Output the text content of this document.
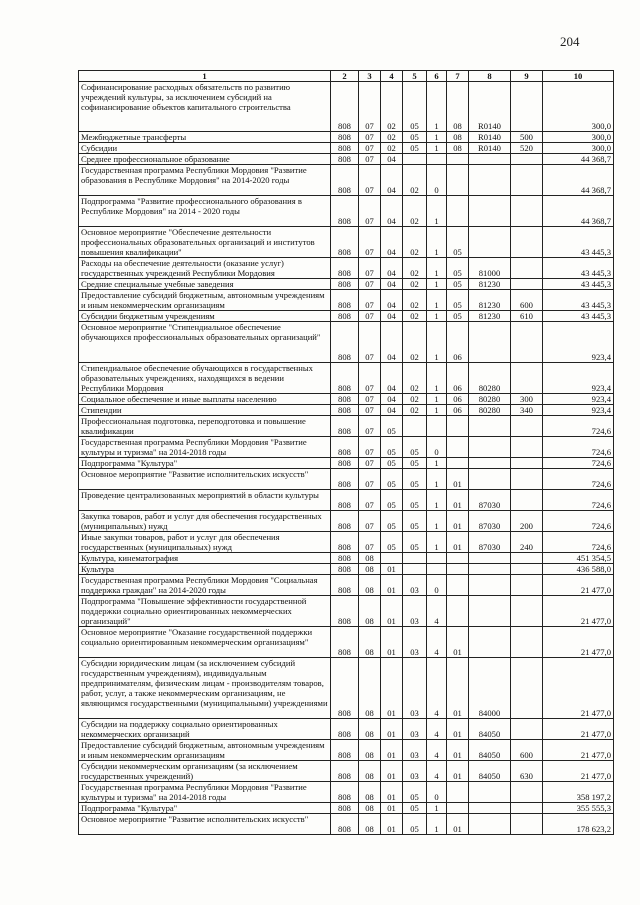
204
1	2	3	4	5	6	7	8	9	10
Софинансирование расходных обязательств по развитию учреждений культуры, за исключением субсидий на софинансирование объектов капитального строительства	808	07	02	05	1	08	R0140		300,0
Межбюджетные трансферты	808	07	02	05	1	08	R0140	500	300,0
Субсидии	808	07	02	05	1	08	R0140	520	300,0
Среднее профессиональное образование	808	07	04						44 368,7
Государственная программа Республики Мордовия "Развитие образования в Республике Мордовия" на 2014-2020 годы	808	07	04	02	0				44 368,7
Подпрограмма "Развитие профессионального образования в Республике Мордовия" на 2014 - 2020 годы	808	07	04	02	1				44 368,7
Основное мероприятие "Обеспечение деятельности профессиональных образовательных организаций и институтов повышения квалификации"	808	07	04	02	1	05			43 445,3
Расходы на обеспечение деятельности (оказание услуг) государственных учреждений Республики Мордовия	808	07	04	02	1	05	81000		43 445,3
Средние специальные учебные заведения	808	07	04	02	1	05	81230		43 445,3
Предоставление субсидий бюджетным, автономным учреждениям и иным некоммерческим организациям	808	07	04	02	1	05	81230	600	43 445,3
Субсидии бюджетным учреждениям	808	07	04	02	1	05	81230	610	43 445,3
Основное мероприятие "Стипендиальное обеспечение обучающихся профессиональных образовательных организаций"	808	07	04	02	1	06			923,4
Стипендиальное обеспечение обучающихся в государственных образовательных учреждениях, находящихся в ведении Республики Мордовия	808	07	04	02	1	06	80280		923,4
Социальное обеспечение и иные выплаты населению	808	07	04	02	1	06	80280	300	923,4
Стипендии	808	07	04	02	1	06	80280	340	923,4
Профессиональная подготовка, переподготовка и повышение квалификации	808	07	05						724,6
Государственная программа Республики Мордовия "Развитие культуры и туризма" на 2014-2018 годы	808	07	05	05	0				724,6
Подпрограмма "Культура"	808	07	05	05	1				724,6
Основное мероприятие "Развитие исполнительских искусств"	808	07	05	05	1	01			724,6
Проведение централизованных мероприятий в области культуры	808	07	05	05	1	01	87030		724,6
Закупка товаров, работ и услуг для обеспечения государственных (муниципальных) нужд	808	07	05	05	1	01	87030	200	724,6
Иные закупки товаров, работ и услуг для обеспечения государственных (муниципальных) нужд	808	07	05	05	1	01	87030	240	724,6
Культура, кинематография	808	08							451 354,5
Культура	808	08	01						436 588,0
Государственная программа Республики Мордовия "Социальная поддержка граждан" на 2014-2020 годы	808	08	01	03	0				21 477,0
Подпрограмма "Повышение эффективности государственной поддержки социально ориентированных некоммерческих организаций"	808	08	01	03	4				21 477,0
Основное мероприятие "Оказание государственной поддержки социально ориентированным некоммерческим организациям"	808	08	01	03	4	01			21 477,0
Субсидии юридическим лицам (за исключением субсидий государственным учреждениям), индивидуальным предпринимателям, физическим лицам - производителям товаров, работ, услуг, а также некоммерческим организациям, не являющимся государственными (муниципальными) учреждениями	808	08	01	03	4	01	84000		21 477,0
Субсидии на поддержку социально ориентированных некоммерческих организаций	808	08	01	03	4	01	84050		21 477,0
Предоставление субсидий бюджетным, автономным учреждениям и иным некоммерческим организациям	808	08	01	03	4	01	84050	600	21 477,0
Субсидии некоммерческим организациям (за исключением государственных учреждений)	808	08	01	03	4	01	84050	630	21 477,0
Государственная программа Республики Мордовия "Развитие культуры и туризма" на 2014-2018 годы	808	08	01	05	0				358 197,2
Подпрограмма "Культура"	808	08	01	05	1				355 555,3
Основное мероприятие "Развитие исполнительских искусств"	808	08	01	05	1	01			178 623,2
